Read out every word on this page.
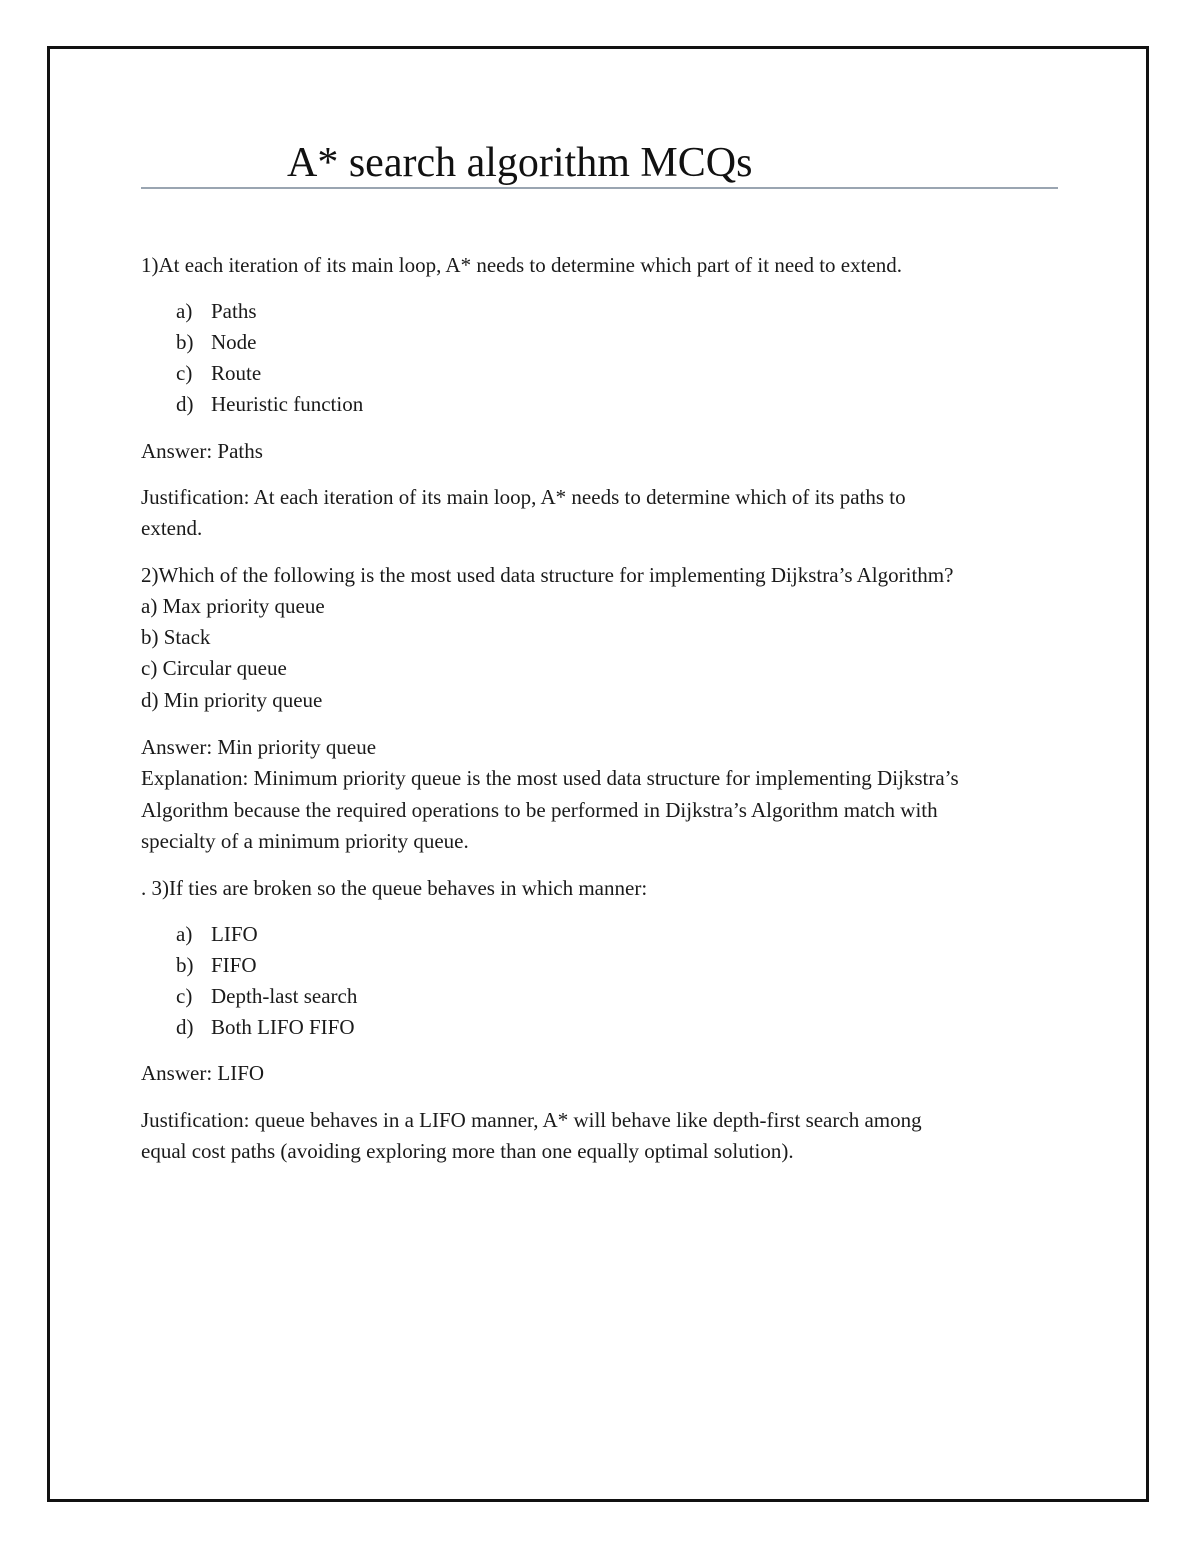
A* search algorithm MCQs
1)At each iteration of its main loop, A* needs to determine which part of it need to extend.
a) Paths
b) Node
c) Route
d) Heuristic function
Answer: Paths
Justification: At each iteration of its main loop, A* needs to determine which of its paths to
extend.
2)Which of the following is the most used data structure for implementing Dijkstra’s Algorithm?
a) Max priority queue
b) Stack
c) Circular queue
d) Min priority queue
Answer: Min priority queue
Explanation: Minimum priority queue is the most used data structure for implementing Dijkstra’s
Algorithm because the required operations to be performed in Dijkstra’s Algorithm match with
specialty of a minimum priority queue.
. 3)If ties are broken so the queue behaves in which manner:
a) LIFO
b) FIFO
c) Depth-last search
d) Both LIFO FIFO
Answer: LIFO
Justification: queue behaves in a LIFO manner, A* will behave like depth-first search among
equal cost paths (avoiding exploring more than one equally optimal solution).
